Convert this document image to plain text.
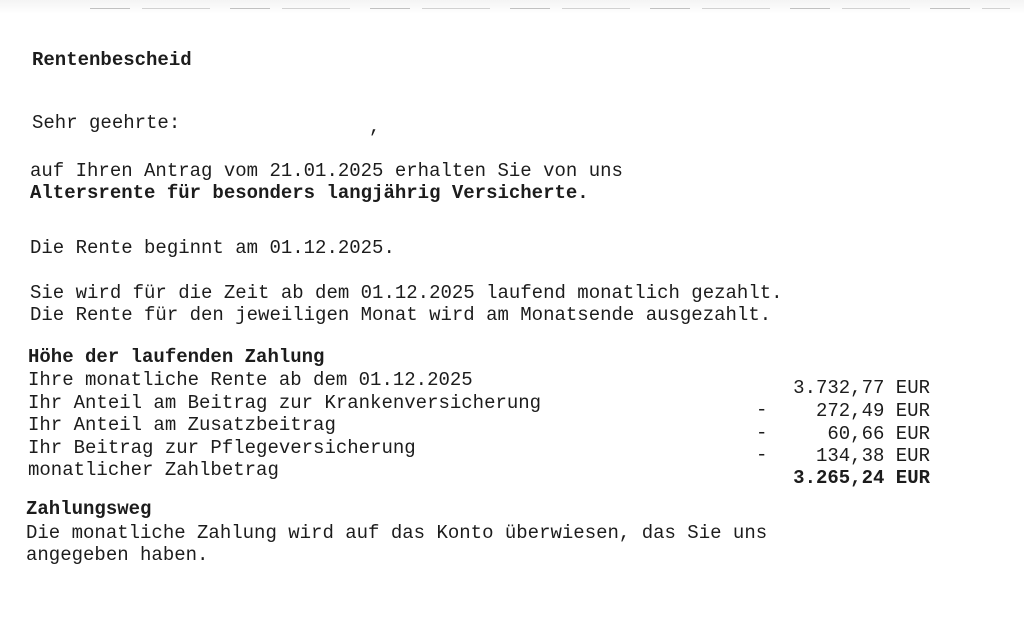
Rentenbescheid
Sehr geehrte:	,
auf Ihren Antrag vom 21.01.2025 erhalten Sie von uns
Altersrente für besonders langjährig Versicherte.
Die Rente beginnt am 01.12.2025.
Sie wird für die Zeit ab dem 01.12.2025 laufend monatlich gezahlt.
Die Rente für den jeweiligen Monat wird am Monatsende ausgezahlt.
Höhe der laufenden Zahlung
Ihre monatliche Rente ab dem 01.12.2025	3.732,77 EUR
Ihr Anteil am Beitrag zur Krankenversicherung	-	272,49 EUR
Ihr Anteil am Zusatzbeitrag	-	60,66 EUR
Ihr Beitrag zur Pflegeversicherung	-	134,38 EUR
monatlicher Zahlbetrag	3.265,24 EUR
Zahlungsweg
Die monatliche Zahlung wird auf das Konto überwiesen, das Sie uns
angegeben haben.
